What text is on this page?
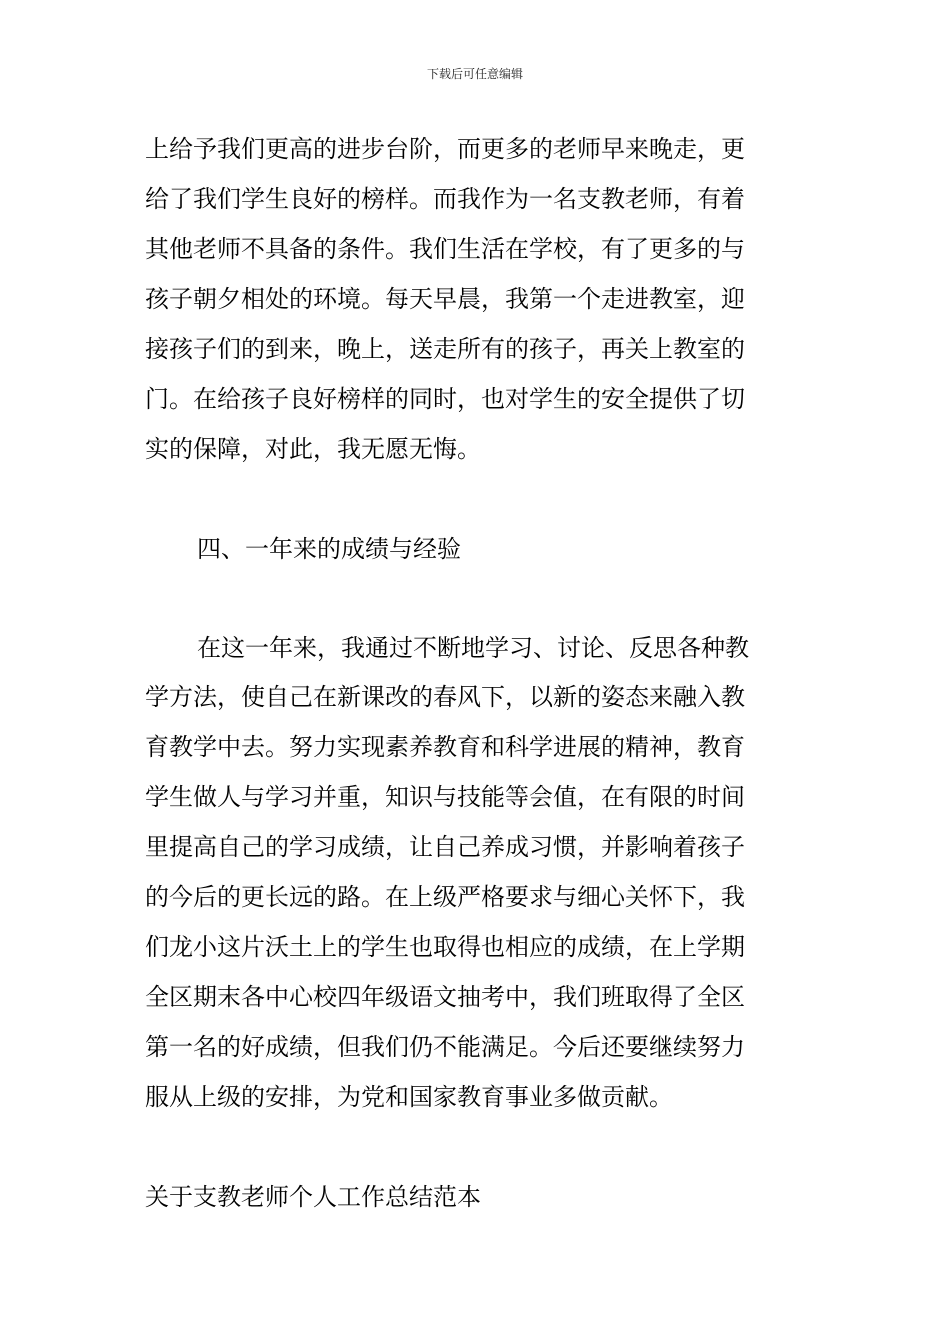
下载后可任意编辑
上给予我们更高的进步台阶，而更多的老师早来晚走，更
给了我们学生良好的榜样。而我作为一名支教老师，有着
其他老师不具备的条件。我们生活在学校，有了更多的与
孩子朝夕相处的环境。每天早晨，我第一个走进教室，迎
接孩子们的到来，晚上，送走所有的孩子，再关上教室的
门。在给孩子良好榜样的同时，也对学生的安全提供了切
实的保障，对此，我无愿无悔。
四、一年来的成绩与经验
在这一年来，我通过不断地学习、讨论、反思各种教
学方法，使自己在新课改的春风下，以新的姿态来融入教
育教学中去。努力实现素养教育和科学进展的精神，教育
学生做人与学习并重，知识与技能等会值，在有限的时间
里提高自己的学习成绩，让自己养成习惯，并影响着孩子
的今后的更长远的路。在上级严格要求与细心关怀下，我
们龙小这片沃土上的学生也取得也相应的成绩，在上学期
全区期末各中心校四年级语文抽考中，我们班取得了全区
第一名的好成绩，但我们仍不能满足。今后还要继续努力
服从上级的安排，为党和国家教育事业多做贡献。
关于支教老师个人工作总结范本
